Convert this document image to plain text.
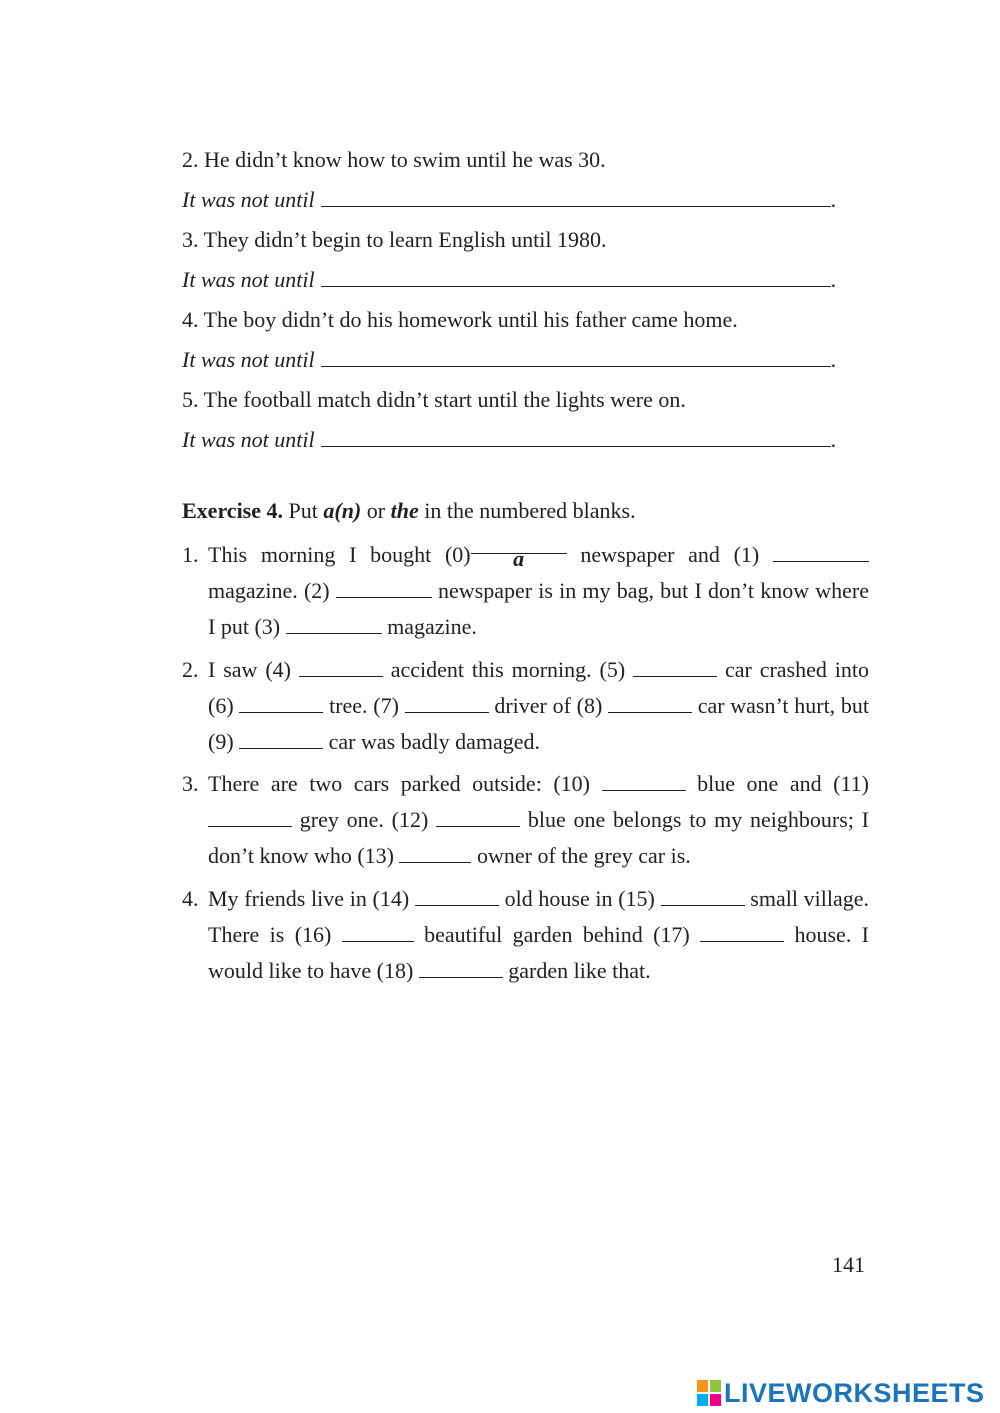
2. He didn’t know how to swim until he was 30.
It was not until	.
3. They didn’t begin to learn English until 1980.
It was not until	.
4. The boy didn’t do his homework until his father came home.
It was not until	.
5. The football match didn’t start until the lights were on.
It was not until	.
Exercise 4. Put a(n) or the in the numbered blanks.
1. This morning I bought (0) a newspaper and (1)  magazine. (2)	newspaper is in my bag, but I don’t know where I put (3)	magazine.
2. I saw (4)	accident this morning. (5)	car crashed into (6)	tree. (7)	driver of (8)	car wasn’t hurt, but (9)	car was badly damaged.
3. There are two cars parked outside: (10)	blue one and (11)  grey one. (12)	blue one belongs to my neighbours; I don’t know who (13)	owner of the grey car is.
4. My friends live in (14)	old house in (15)	small village. There is (16)	beautiful garden behind (17)	house. I would like to have (18)	garden like that.
141
LIVEWORKSHEETS
